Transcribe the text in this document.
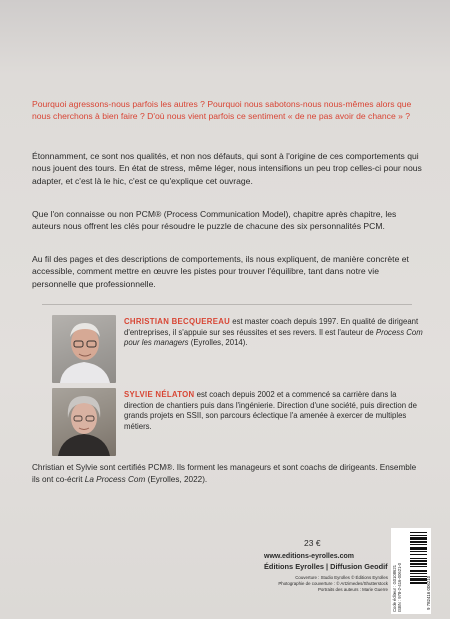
Pourquoi agressons-nous parfois les autres ? Pourquoi nous sabotons-nous nous-mêmes alors que nous cherchons à bien faire ? D'où nous vient parfois ce sentiment « de ne pas avoir de chance » ?

Étonnamment, ce sont nos qualités, et non nos défauts, qui sont à l'origine de ces comportements qui nous jouent des tours. En état de stress, même léger, nous intensifions un peu trop celles-ci pour nous adapter, et c'est là le hic, c'est ce qu'explique cet ouvrage.

Que l'on connaisse ou non PCM® (Process Communication Model), chapitre après chapitre, les auteurs nous offrent les clés pour résoudre le puzzle de chacune des six personnalités PCM.

Au fil des pages et des descriptions de comportements, ils nous expliquent, de manière concrète et accessible, comment mettre en œuvre les pistes pour trouver l'équilibre, tant dans notre vie personnelle que professionnelle.

CHRISTIAN BECQUEREAU est master coach depuis 1997. En qualité de dirigeant d'entreprises, il s'appuie sur ses réussites et ses revers. Il est l'auteur de Process Com pour les managers (Eyrolles, 2014).

SYLVIE NÉLATON est coach depuis 2002 et a commencé sa carrière dans la direction de chantiers puis dans l'ingénierie. Direction d'une société, puis direction de grands projets en SSII, son parcours éclectique l'a amenée à exercer de multiples métiers.

Christian et Sylvie sont certifiés PCM®. Ils forment les manageurs et sont coachs de dirigeants. Ensemble ils ont co-écrit La Process Com (Eyrolles, 2022).

23 €
www.editions-eyrolles.com
Éditions Eyrolles | Diffusion Geodif
Couverture : Studio Eyrolles © Éditions Eyrolles
Photographie de couverture : © Artzimedes/Shutterstock
Portraits des auteurs : Marie Guerre Code éditeur : G0108621 ISBN : 978-2-416-00621-0	9 782416 006210
